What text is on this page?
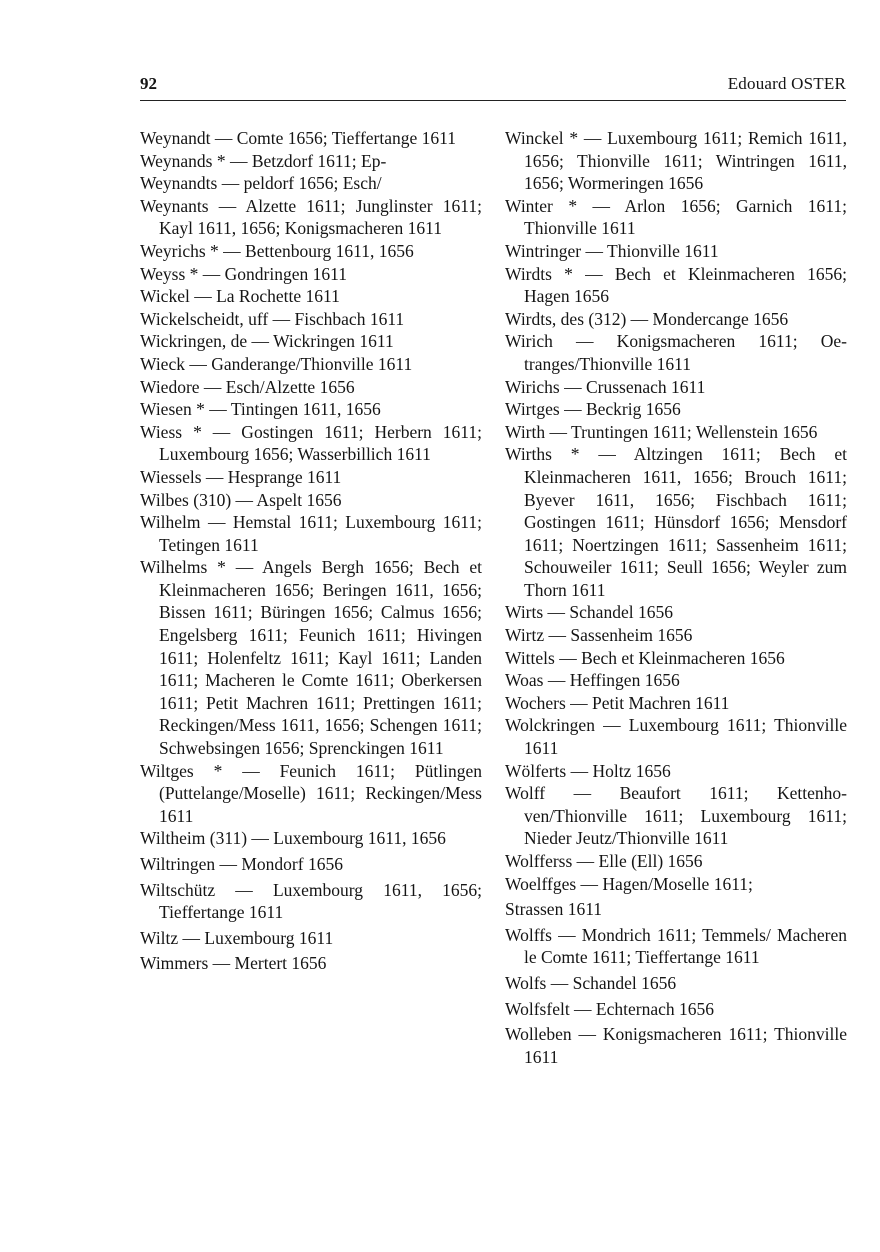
92	Edouard OSTER
Weynandt — Comte 1656; Tieffertange 1611
Weynands * — Betzdorf 1611; Ep-
Weynandts — peldorf 1656; Esch/
Weynants — Alzette 1611; Junglinster 1611; Kayl 1611, 1656; Konigsmacheren 1611
Weyrichs * — Bettenbourg 1611, 1656
Weyss * — Gondringen 1611
Wickel — La Rochette 1611
Wickelscheidt, uff — Fischbach 1611
Wickringen, de — Wickringen 1611
Wieck — Ganderange/Thionville 1611
Wiedore — Esch/Alzette 1656
Wiesen * — Tintingen 1611, 1656
Wiess * — Gostingen 1611; Herbern 1611; Luxembourg 1656; Wasserbillich 1611
Wiessels — Hesprange 1611
Wilbes (310) — Aspelt 1656
Wilhelm — Hemstal 1611; Luxembourg 1611; Tetingen 1611
Wilhelms * — Angels Bergh 1656; Bech et Kleinmacheren 1656; Beringen 1611, 1656; Bissen 1611; Büringen 1656; Calmus 1656; Engelsberg 1611; Feunich 1611; Hivingen 1611; Holenfeltz 1611; Kayl 1611; Landen 1611; Macheren le Comte 1611; Oberkersen 1611; Petit Machren 1611; Prettingen 1611; Reckingen/Mess 1611, 1656; Schengen 1611; Schwebsingen 1656; Sprenckingen 1611
Wiltges * — Feunich 1611; Pütlingen (Puttelange/Moselle) 1611; Reckingen/Mess 1611
Wiltheim (311) — Luxembourg 1611, 1656
Wiltringen — Mondorf 1656
Wiltschütz — Luxembourg 1611, 1656; Tieffertange 1611
Wiltz — Luxembourg 1611
Wimmers — Mertert 1656
Winckel * — Luxembourg 1611; Remich 1611, 1656; Thionville 1611; Wintringen 1611, 1656; Wormeringen 1656
Winter * — Arlon 1656; Garnich 1611; Thionville 1611
Wintringer — Thionville 1611
Wirdts * — Bech et Kleinmacheren 1656; Hagen 1656
Wirdts, des (312) — Mondercange 1656
Wirich — Konigsmacheren 1611; Oetranges/Thionville 1611
Wirichs — Crussenach 1611
Wirtges — Beckrig 1656
Wirth — Truntingen 1611; Wellenstein 1656
Wirths * — Altzingen 1611; Bech et Kleinmacheren 1611, 1656; Brouch 1611; Byever 1611, 1656; Fischbach 1611; Gostingen 1611; Hünsdorf 1656; Mensdorf 1611; Noertzingen 1611; Sassenheim 1611; Schouweiler 1611; Seull 1656; Weyler zum Thorn 1611
Wirts — Schandel 1656
Wirtz — Sassenheim 1656
Wittels — Bech et Kleinmacheren 1656
Woas — Heffingen 1656
Wochers — Petit Machren 1611
Wolckringen — Luxembourg 1611; Thionville 1611
Wölferts — Holtz 1656
Wolff — Beaufort 1611; Kettenhoven/Thionville 1611; Luxembourg 1611; Nieder Jeutz/Thionville 1611
Wolfferss — Elle (Ell) 1656
Woelffges — Hagen/Moselle 1611;
Strassen 1611
Wolffs — Mondrich 1611; Temmels/ Macheren le Comte 1611; Tieffertange 1611
Wolfs — Schandel 1656
Wolfsfelt — Echternach 1656
Wolleben — Konigsmacheren 1611; Thionville 1611
